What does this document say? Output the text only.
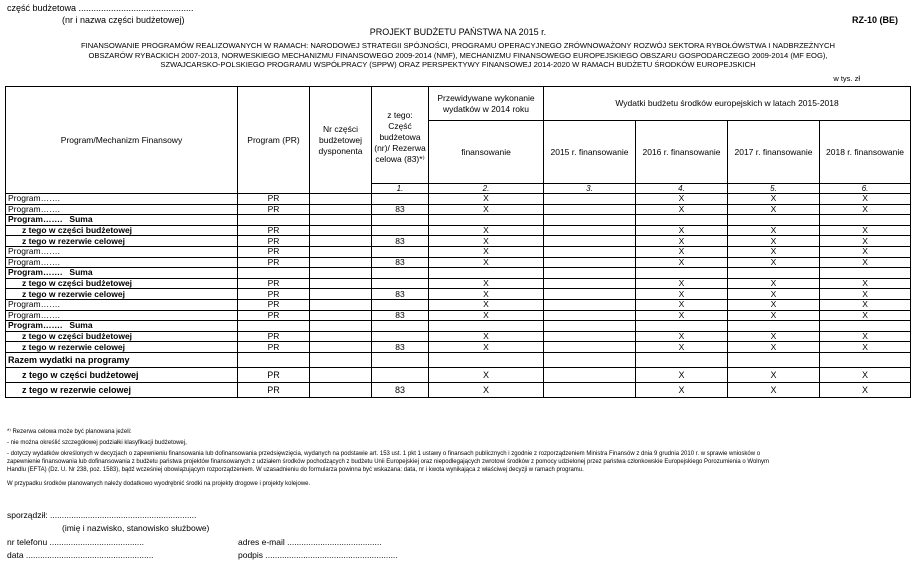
część budżetowa ..............................................
(nr i nazwa części budżetowej)	RZ-10 (BE)
PROJEKT BUDŻETU PAŃSTWA NA 2015 r.
FINANSOWANIE PROGRAMÓW REALIZOWANYCH W RAMACH: NARODOWEJ STRATEGII SPÓJNOŚCI, PROGRAMU OPERACYJNEGO ZRÓWNOWAŻONY ROZWÓJ SEKTORA RYBOŁÓWSTWA I NADBRZEŻNYCH
OBSZARÓW RYBACKICH 2007-2013, NORWESKIEGO MECHANIZMU FINANSOWEGO 2009-2014 (NMF), MECHANIZMU FINANSOWEGO EUROPEJSKIEGO OBSZARU GOSPODARCZEGO 2009-2014 (MF EOG),
SZWAJCARSKO-POLSKIEGO PROGRAMU WSPÓŁPRACY (SPPW) ORAZ PERSPEKTYWY FINANSOWEJ 2014-2020 W RAMACH BUDŻETU ŚRODKÓW EUROPEJSKICH
w tys. zł
Program/Mechanizm Finansowy	Program (PR)	Nr części budżetowej dysponenta	z tego:	Przewidywane wykonanie wydatków w 2014 roku	Wydatki budżetu środków europejskich w latach 2015-2018				
			Część budżetowa (nr)/ Rezerwa celowa (83)*⁾	finansowanie	2015 r. finansowanie	2016 r. finansowanie	2017 r. finansowanie	2018 r. finansowanie	
			1.	2.	3.	4.	5.	6.			
Program…….	PR			X		X	X	X	
Program…….	PR		83	X		X	X	X	
Program…….   Suma									
z tego w części budżetowej	PR			X		X	X	X	
z tego w rezerwie celowej	PR		83	X		X	X	X	
Program…….	PR			X		X	X	X	
Program…….	PR		83	X		X	X	X	
Program…….   Suma									
z tego w części budżetowej	PR			X		X	X	X	
z tego w rezerwie celowej	PR		83	X		X	X	X	
Program…….	PR			X		X	X	X	
Program…….	PR		83	X		X	X	X	
Program…….   Suma									
z tego w części budżetowej	PR			X		X	X	X	
z tego w rezerwie celowej	PR		83	X		X	X	X	
Razem wydatki na programy									
z tego w części budżetowej	PR			X		X	X	X	
z tego w rezerwie celowej	PR		83	X		X	X	X	
*⁾ Rezerwa celowa może być planowana jeżeli:
- nie można określić szczegółowej podziałki klasyfikacji budżetowej,
- dotyczy wydatków określonych w decyzjach o zapewnieniu finansowania lub dofinansowania przedsięwzięcia, wydanych na podstawie art. 153 ust. 1 pkt 1 ustawy o finansach publicznych i zgodnie z rozporządzeniem Ministra Finansów z dnia 9 grudnia 2010 r. w sprawie wniosków o
zapewnienie finansowania lub dofinansowania z budżetu państwa projektów finansowanych z udziałem środków pochodzących z budżetu Unii Europejskiej oraz niepodlegających zwrotowi środków z pomocy udzielonej przez państwa członkowskie Europejskiego Porozumienia o Wolnym
Handlu (EFTA) (Dz. U. Nr 238, poz. 1583), bądź wcześniej obowiązującym rozporządzeniem. W uzasadnieniu do formularza powinna być wskazana: data, nr i kwota wynikająca z właściwej decyzji w ramach programu.
W przypadku środków planowanych należy dodatkowo wyodrębnić środki na projekty drogowe i projekty kolejowe.
sporządził: ..............................................................
(imię i nazwisko, stanowisko służbowe)
nr telefonu ........................................	adres e-mail ........................................
data ......................................................	podpis ........................................................
